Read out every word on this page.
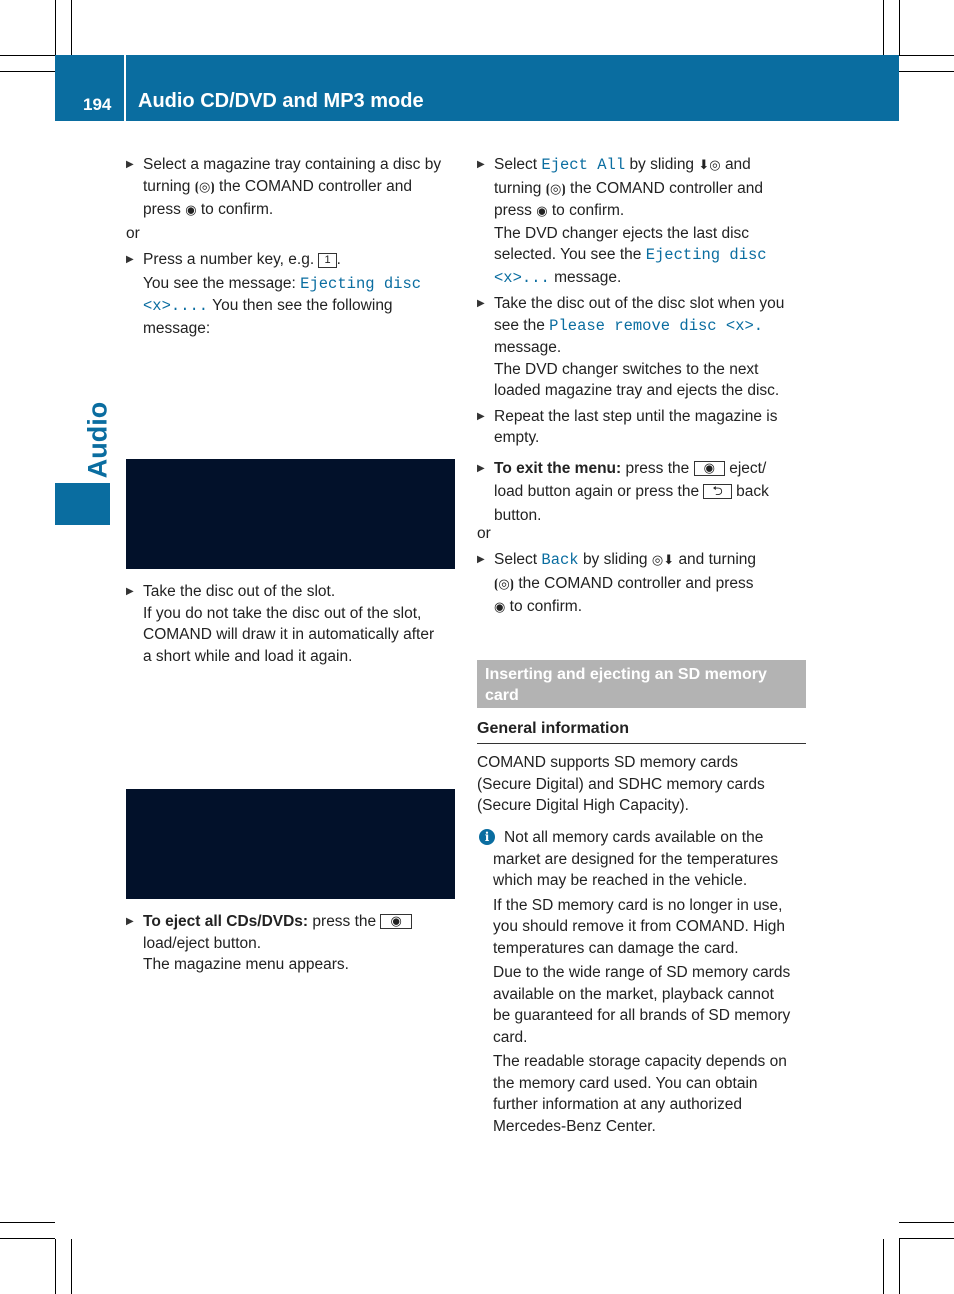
194 Audio CD/DVD and MP3 mode
Audio
▶ Select a magazine tray containing a disc by

turning ⦗◎⦘ the COMAND controller and

press ◉ to confirm.

or
▶ Press a number key, e.g. 1 .

You see the message: Ejecting disc

<x>.... You then see the following

message:

▶ Take the disc out of the slot.

If you do not take the disc out of the slot,

COMAND will draw it in automatically after

a short while and load it again.

▶ To eject all CDs/DVDs: press the ◉

load/eject button.

The magazine menu appears.

▶ Select Eject All by sliding ⬇◎ and

turning ⦗◎⦘ the COMAND controller and

press ◉ to confirm.

The DVD changer ejects the last disc

selected. You see the Ejecting disc

<x>... message.

▶ Take the disc out of the disc slot when you

see the Please remove disc <x>.

message.

The DVD changer switches to the next

loaded magazine tray and ejects the disc.

▶ Repeat the last step until the magazine is

empty.

▶ To exit the menu: press the ◉ eject/

load button again or press the ⮌ back

button.

or
▶ Select Back by sliding ◎⬇ and turning

⦗◎⦘ the COMAND controller and press

◉ to confirm.

Inserting and ejecting an SD memory card
General information

COMAND supports SD memory cards

(Secure Digital) and SDHC memory cards

(Secure Digital High Capacity).

i Not all memory cards available on the

market are designed for the temperatures

which may be reached in the vehicle.

If the SD memory card is no longer in use,

you should remove it from COMAND. High

temperatures can damage the card.

Due to the wide range of SD memory cards

available on the market, playback cannot

be guaranteed for all brands of SD memory

card.

The readable storage capacity depends on

the memory card used. You can obtain

further information at any authorized

Mercedes-Benz Center.
